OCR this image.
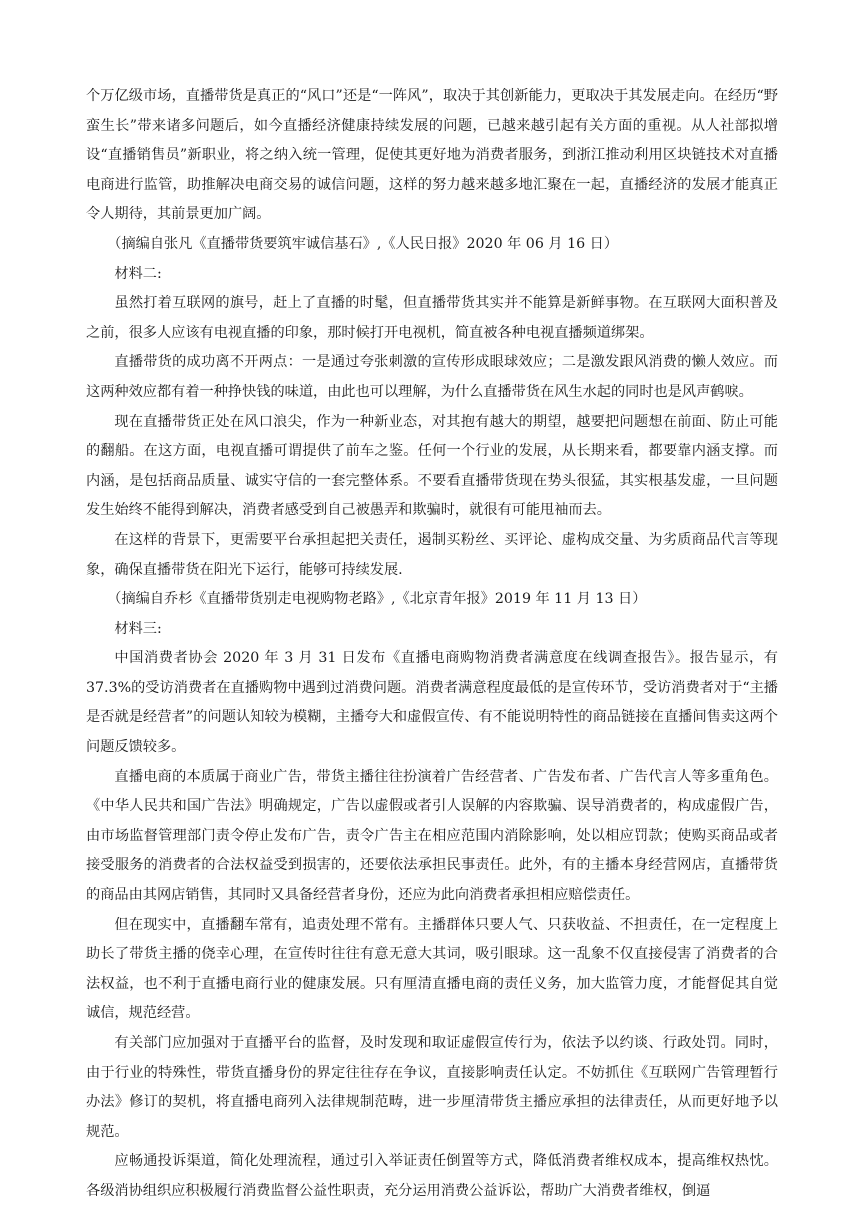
个万亿级市场，直播带货是真正的“风口”还是“一阵风”，取决于其创新能力，更取决于其发展走向。在经历“野蛮生长”带来诸多问题后，如今直播经济健康持续发展的问题，已越来越引起有关方面的重视。从人社部拟增设“直播销售员”新职业，将之纳入统一管理，促使其更好地为消费者服务，到浙江推动利用区块链技术对直播电商进行监管，助推解决电商交易的诚信问题，这样的努力越来越多地汇聚在一起，直播经济的发展才能真正令人期待，其前景更加广阔。

（摘编自张凡《直播带货要筑牢诚信基石》,《人民日报》2020 年 06 月 16 日）

材料二:

虽然打着互联网的旗号，赶上了直播的时髦，但直播带货其实并不能算是新鲜事物。在互联网大面积普及之前，很多人应该有电视直播的印象，那时候打开电视机，简直被各种电视直播频道绑架。

直播带货的成功离不开两点：一是通过夸张刺激的宣传形成眼球效应；二是激发跟风消费的懒人效应。而这两种效应都有着一种挣快钱的味道，由此也可以理解，为什么直播带货在风生水起的同时也是风声鹤唳。

现在直播带货正处在风口浪尖，作为一种新业态，对其抱有越大的期望，越要把问题想在前面、防止可能的翻船。在这方面，电视直播可谓提供了前车之鉴。任何一个行业的发展，从长期来看，都要靠内涵支撑。而内涵，是包括商品质量、诚实守信的一套完整体系。不要看直播带货现在势头很猛，其实根基发虚，一旦问题发生始终不能得到解决，消费者感受到自己被愚弄和欺骗时，就很有可能甩袖而去。

在这样的背景下，更需要平台承担起把关责任，遏制买粉丝、买评论、虚构成交量、为劣质商品代言等现象，确保直播带货在阳光下运行，能够可持续发展.

（摘编自乔杉《直播带货别走电视购物老路》,《北京青年报》2019 年 11 月 13 日）

材料三:

中国消费者协会 2020 年 3 月 31 日发布《直播电商购物消费者满意度在线调查报告》。报告显示，有37.3%的受访消费者在直播购物中遇到过消费问题。消费者满意程度最低的是宣传环节，受访消费者对于“主播是否就是经营者”的问题认知较为模糊，主播夸大和虚假宣传、有不能说明特性的商品链接在直播间售卖这两个问题反馈较多。

直播电商的本质属于商业广告，带货主播往往扮演着广告经营者、广告发布者、广告代言人等多重角色。《中华人民共和国广告法》明确规定，广告以虚假或者引人误解的内容欺骗、误导消费者的，构成虚假广告，由市场监督管理部门责令停止发布广告，责令广告主在相应范围内消除影响，处以相应罚款；使购买商品或者接受服务的消费者的合法权益受到损害的，还要依法承担民事责任。此外，有的主播本身经营网店，直播带货的商品由其网店销售，其同时又具备经营者身份，还应为此向消费者承担相应赔偿责任。

但在现实中，直播翻车常有，追责处理不常有。主播群体只要人气、只获收益、不担责任，在一定程度上助长了带货主播的侥幸心理，在宣传时往往有意无意大其词，吸引眼球。这一乱象不仅直接侵害了消费者的合法权益，也不利于直播电商行业的健康发展。只有厘清直播电商的责任义务，加大监管力度，才能督促其自觉诚信，规范经营。

有关部门应加强对于直播平台的监督，及时发现和取证虚假宣传行为，依法予以约谈、行政处罚。同时，由于行业的特殊性，带货直播身份的界定往往存在争议，直接影响责任认定。不妨抓住《互联网广告管理暂行办法》修订的契机，将直播电商列入法律规制范畴，进一步厘清带货主播应承担的法律责任，从而更好地予以规范。

应畅通投诉渠道，简化处理流程，通过引入举证责任倒置等方式，降低消费者维权成本，提高维权热忱。各级消协组织应积极履行消费监督公益性职责，充分运用消费公益诉讼，帮助广大消费者维权，倒逼
